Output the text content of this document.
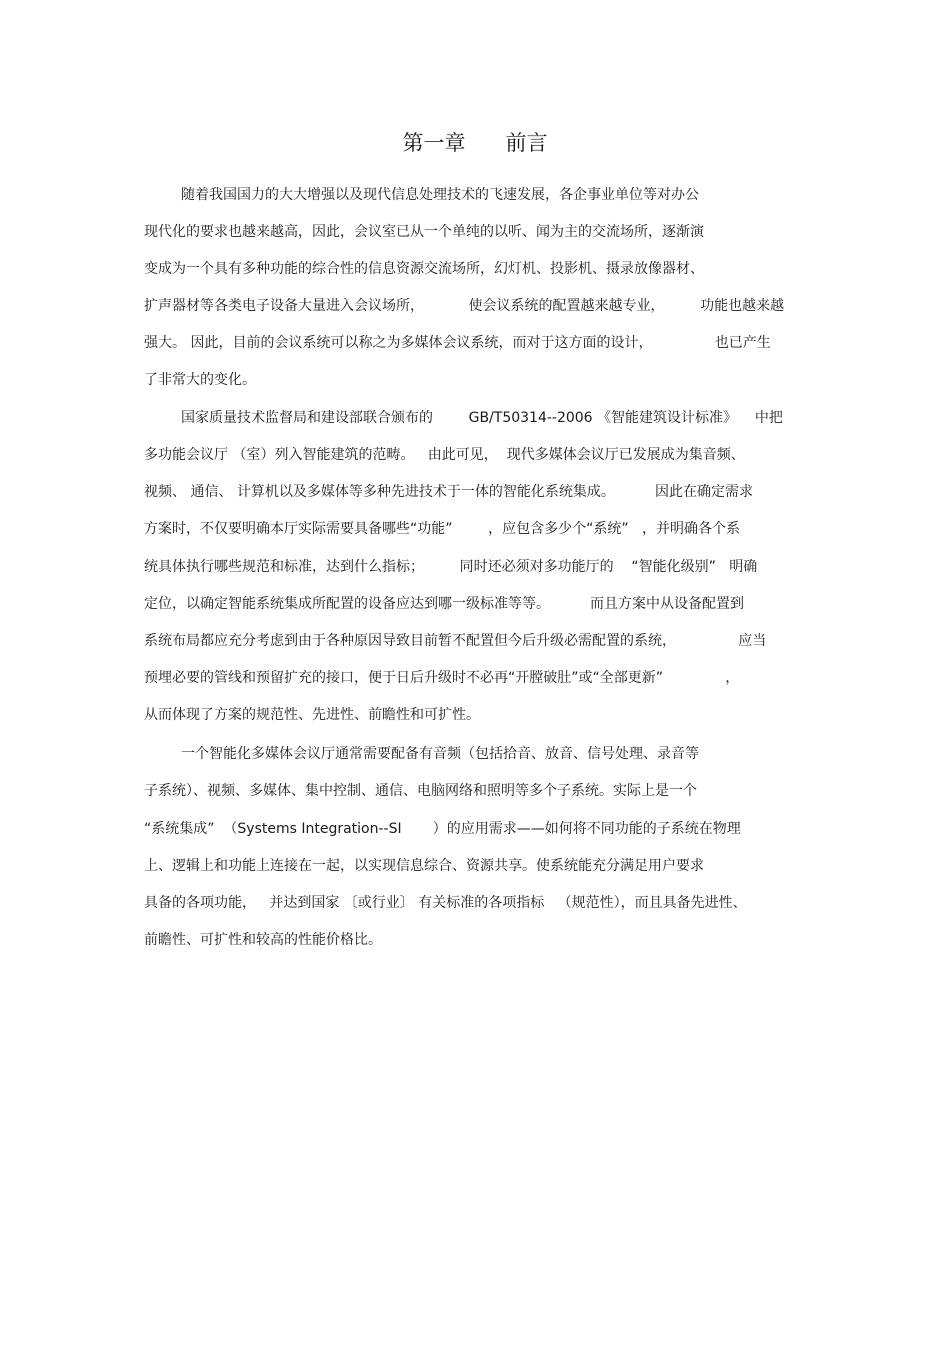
第一章      前言
随着我国国力的大大增强以及现代信息处理技术的飞速发展，各企事业单位等对办公
现代化的要求也越来越高，因此，会议室已从一个单纯的以听、闻为主的交流场所，逐渐演
变成为一个具有多种功能的综合性的信息资源交流场所，幻灯机、投影机、摄录放像器材、
扩声器材等各类电子设备大量进入会议场所，          使会议系统的配置越来越专业，        功能也越来越
强大。 因此，目前的会议系统可以称之为多媒体会议系统，而对于这方面的设计，              也已产生
了非常大的变化。
国家质量技术监督局和建设部联合颁布的        GB/T50314--2006 《智能建筑设计标准》    中把
多功能会议厅 （室）列入智能建筑的范畴。   由此可见，  现代多媒体会议厅已发展成为集音频、
视频、 通信、 计算机以及多媒体等多种先进技术于一体的智能化系统集成。         因此在确定需求
方案时，不仅要明确本厅实际需要具备哪些“功能”        ，应包含多少个“系统”   ，并明确各个系
统具体执行哪些规范和标准，达到什么指标；        同时还必须对多功能厅的    “智能化级别”   明确
定位，以确定智能系统集成所配置的设备应达到哪一级标准等等。         而且方案中从设备配置到
系统布局都应充分考虑到由于各种原因导致目前暂不配置但今后升级必需配置的系统，              应当
预埋必要的管线和预留扩充的接口，便于日后升级时不必再“开膛破肚”或“全部更新”              ，
从而体现了方案的规范性、先进性、前瞻性和可扩性。
一个智能化多媒体会议厅通常需要配备有音频（包括拾音、放音、信号处理、录音等
子系统）、视频、多媒体、集中控制、通信、电脑网络和照明等多个子系统。实际上是一个
“系统集成”  （Systems Integration--SI       ）的应用需求——如何将不同功能的子系统在物理
上、逻辑上和功能上连接在一起，以实现信息综合、资源共享。使系统能充分满足用户要求
具备的各项功能，   并达到国家 〔或行业〕 有关标准的各项指标   （规范性），而且具备先进性、
前瞻性、可扩性和较高的性能价格比。
